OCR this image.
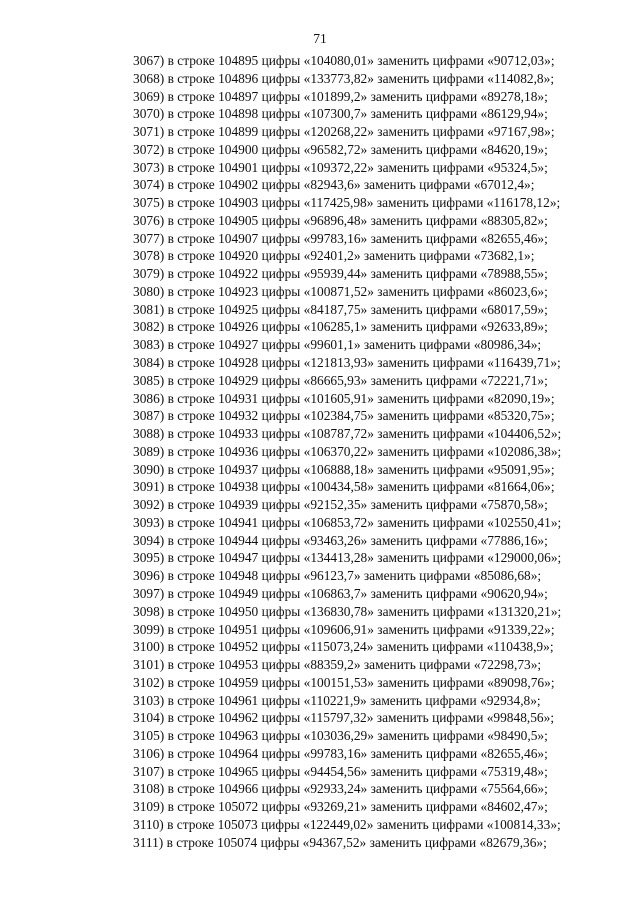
71
3067) в строке 104895 цифры «104080,01» заменить цифрами «90712,03»;
3068) в строке 104896 цифры «133773,82» заменить цифрами «114082,8»;
3069) в строке 104897 цифры «101899,2» заменить цифрами «89278,18»;
3070) в строке 104898 цифры «107300,7» заменить цифрами «86129,94»;
3071) в строке 104899 цифры «120268,22» заменить цифрами «97167,98»;
3072) в строке 104900 цифры «96582,72» заменить цифрами «84620,19»;
3073) в строке 104901 цифры «109372,22» заменить цифрами «95324,5»;
3074) в строке 104902 цифры «82943,6» заменить цифрами «67012,4»;
3075) в строке 104903 цифры «117425,98» заменить цифрами «116178,12»;
3076) в строке 104905 цифры «96896,48» заменить цифрами «88305,82»;
3077) в строке 104907 цифры «99783,16» заменить цифрами «82655,46»;
3078) в строке 104920 цифры «92401,2» заменить цифрами «73682,1»;
3079) в строке 104922 цифры «95939,44» заменить цифрами «78988,55»;
3080) в строке 104923 цифры «100871,52» заменить цифрами «86023,6»;
3081) в строке 104925 цифры «84187,75» заменить цифрами «68017,59»;
3082) в строке 104926 цифры «106285,1» заменить цифрами «92633,89»;
3083) в строке 104927 цифры «99601,1» заменить цифрами «80986,34»;
3084) в строке 104928 цифры «121813,93» заменить цифрами «116439,71»;
3085) в строке 104929 цифры «86665,93» заменить цифрами «72221,71»;
3086) в строке 104931 цифры «101605,91» заменить цифрами «82090,19»;
3087) в строке 104932 цифры «102384,75» заменить цифрами «85320,75»;
3088) в строке 104933 цифры «108787,72» заменить цифрами «104406,52»;
3089) в строке 104936 цифры «106370,22» заменить цифрами «102086,38»;
3090) в строке 104937 цифры «106888,18» заменить цифрами «95091,95»;
3091) в строке 104938 цифры «100434,58» заменить цифрами «81664,06»;
3092) в строке 104939 цифры «92152,35» заменить цифрами «75870,58»;
3093) в строке 104941 цифры «106853,72» заменить цифрами «102550,41»;
3094) в строке 104944 цифры «93463,26» заменить цифрами «77886,16»;
3095) в строке 104947 цифры «134413,28» заменить цифрами «129000,06»;
3096) в строке 104948 цифры «96123,7» заменить цифрами «85086,68»;
3097) в строке 104949 цифры «106863,7» заменить цифрами «90620,94»;
3098) в строке 104950 цифры «136830,78» заменить цифрами «131320,21»;
3099) в строке 104951 цифры «109606,91» заменить цифрами «91339,22»;
3100) в строке 104952 цифры «115073,24» заменить цифрами «110438,9»;
3101) в строке 104953 цифры «88359,2» заменить цифрами «72298,73»;
3102) в строке 104959 цифры «100151,53» заменить цифрами «89098,76»;
3103) в строке 104961 цифры «110221,9» заменить цифрами «92934,8»;
3104) в строке 104962 цифры «115797,32» заменить цифрами «99848,56»;
3105) в строке 104963 цифры «103036,29» заменить цифрами «98490,5»;
3106) в строке 104964 цифры «99783,16» заменить цифрами «82655,46»;
3107) в строке 104965 цифры «94454,56» заменить цифрами «75319,48»;
3108) в строке 104966 цифры «92933,24» заменить цифрами «75564,66»;
3109) в строке 105072 цифры «93269,21» заменить цифрами «84602,47»;
3110) в строке 105073 цифры «122449,02» заменить цифрами «100814,33»;
3111) в строке 105074 цифры «94367,52» заменить цифрами «82679,36»;
